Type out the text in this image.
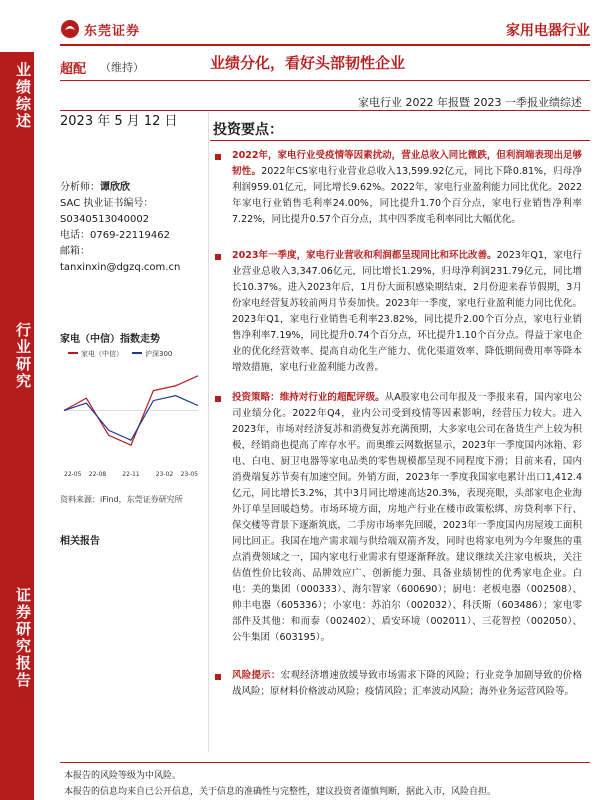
东莞证券	家用电器行业
业绩综述
行业研究
证券研究报告
超配 （维持）	业绩分化，看好头部韧性企业
家电行业 2022 年报暨 2023 一季报业绩综述
2023 年 5 月 12 日
分析师：谭欣欣
SAC 执业证书编号：
S0340513040002
电话：0769-22119462
邮箱：
tanxinxin@dgzq.com.cn
家电（中信）指数走势
家电（中信）	沪深300
22-05 22-08	22-11	23-02 23-05
资料来源：iFind，东莞证券研究所
相关报告
投资要点：
2022年，家电行业受疫情等因素扰动，营业总收入同比微跌，但利润端表现出足够韧性。2022年CS家电行业营业总收入13,599.92亿元，同比下降0.81%，归母净利润959.01亿元，同比增长9.62%。2022年，家电行业盈利能力同比优化。2022年家电行业销售毛利率24.00%，同比提升1.70个百分点，家电行业销售净利率7.22%，同比提升0.57个百分点，其中四季度毛利率同比大幅优化。
2023年一季度，家电行业营收和利润都呈现同比和环比改善。2023年Q1，家电行业营业总收入3,347.06亿元，同比增长1.29%，归母净利润231.79亿元，同比增长10.37%。进入2023年后，1月份大面积感染期结束，2月份迎来春节假期，3月份家电经营复苏较前两月节奏加快。2023年一季度，家电行业盈利能力同比优化。2023年Q1，家电行业销售毛利率23.82%，同比提升2.00个百分点，家电行业销售净利率7.19%，同比提升0.74个百分点，环比提升1.10个百分点。得益于家电企业的优化经营效率、提高自动化生产能力、优化渠道效率、降低期间费用率等降本增效措施，家电行业盈利能力改善。
投资策略：维持对行业的超配评级。从A股家电公司年报及一季报来看，国内家电公司业绩分化。2022年Q4，业内公司受到疫情等因素影响，经营压力较大。进入2023年，市场对经济复苏和消费复苏充满预期，大多家电公司在备货生产上较为积极，经销商也提高了库存水平。而奥维云网数据显示，2023年一季度国内冰箱、彩电、白电、厨卫电器等家电品类的零售规模都呈现不同程度下滑；目前来看，国内消费端复苏节奏有加速空间。外销方面，2023年一季度我国家电累计出口1,412.4亿元，同比增长3.2%，其中3月同比增速高达20.3%，表现亮眼，头部家电企业海外订单呈回暖趋势。市场环境方面，房地产行业在楼市政策松绑、房贷利率下行、保交楼等背景下逐渐筑底，二手房市场率先回暖，2023年一季度国内房屋竣工面积同比回正。我国在地产需求端与供给端双箭齐发，同时也将家电列为今年聚焦的重点消费领域之一，国内家电行业需求有望逐渐释放。建议继续关注家电板块，关注估值性价比较高、品牌效应广、创新能力强、具备业绩韧性的优秀家电企业。白电：美的集团（000333）、海尔智家（600690）；厨电：老板电器（002508）、帅丰电器（605336）；小家电：苏泊尔（002032）、科沃斯（603486）；家电零部件及其他：和而泰（002402）、盾安环境（002011）、三花智控（002050）、公牛集团（603195）。
风险提示：宏观经济增速放缓导致市场需求下降的风险；行业竞争加剧导致的价格战风险；原材料价格波动风险；疫情风险；汇率波动风险；海外业务运营风险等。
本报告的风险等级为中风险。
本报告的信息均来自已公开信息，关于信息的准确性与完整性，建议投资者谨慎判断，据此入市，风险自担。
